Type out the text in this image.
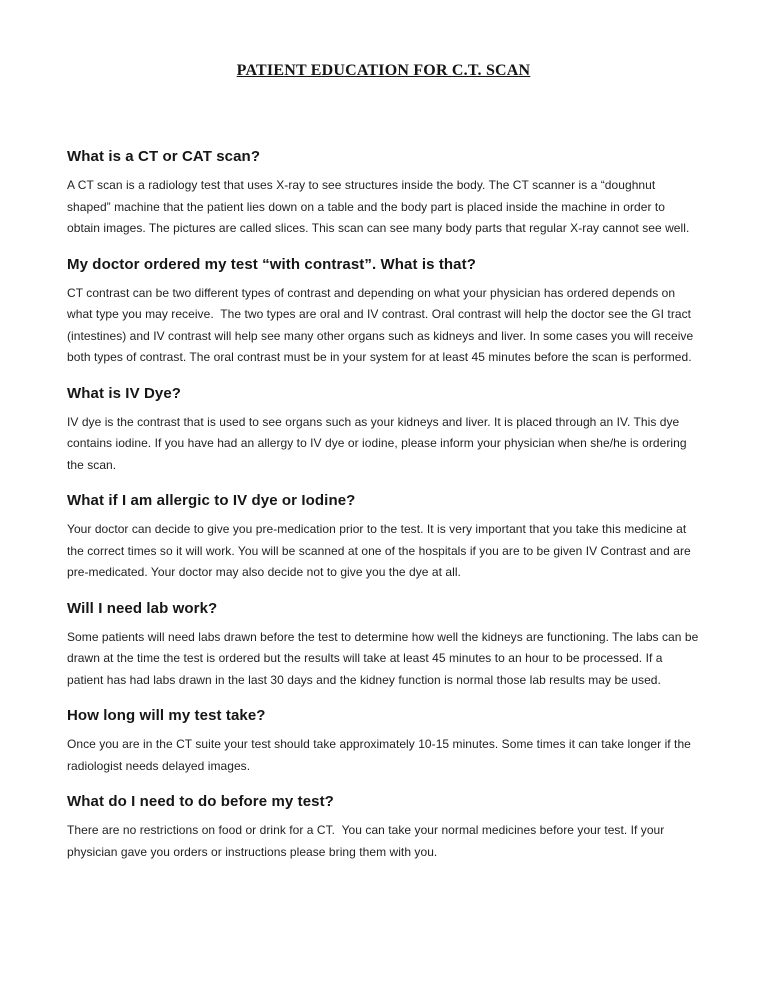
PATIENT EDUCATION FOR C.T. SCAN
What is a CT or CAT scan?

A CT scan is a radiology test that uses X-ray to see structures inside the body. The CT scanner is a “doughnut shaped” machine that the patient lies down on a table and the body part is placed inside the machine in order to obtain images. The pictures are called slices. This scan can see many body parts that regular X-ray cannot see well.

My doctor ordered my test “with contrast”. What is that?

CT contrast can be two different types of contrast and depending on what your physician has ordered depends on what type you may receive.  The two types are oral and IV contrast. Oral contrast will help the doctor see the GI tract (intestines) and IV contrast will help see many other organs such as kidneys and liver. In some cases you will receive both types of contrast. The oral contrast must be in your system for at least 45 minutes before the scan is performed.

What is IV Dye?

IV dye is the contrast that is used to see organs such as your kidneys and liver. It is placed through an IV. This dye contains iodine. If you have had an allergy to IV dye or iodine, please inform your physician when she/he is ordering the scan.

What if I am allergic to IV dye or Iodine?

Your doctor can decide to give you pre-medication prior to the test. It is very important that you take this medicine at the correct times so it will work. You will be scanned at one of the hospitals if you are to be given IV Contrast and are pre-medicated. Your doctor may also decide not to give you the dye at all.

Will I need lab work?

Some patients will need labs drawn before the test to determine how well the kidneys are functioning. The labs can be drawn at the time the test is ordered but the results will take at least 45 minutes to an hour to be processed. If a patient has had labs drawn in the last 30 days and the kidney function is normal those lab results may be used.

How long will my test take?

Once you are in the CT suite your test should take approximately 10-15 minutes. Some times it can take longer if the radiologist needs delayed images.

What do I need to do before my test?

There are no restrictions on food or drink for a CT.  You can take your normal medicines before your test. If your physician gave you orders or instructions please bring them with you.
